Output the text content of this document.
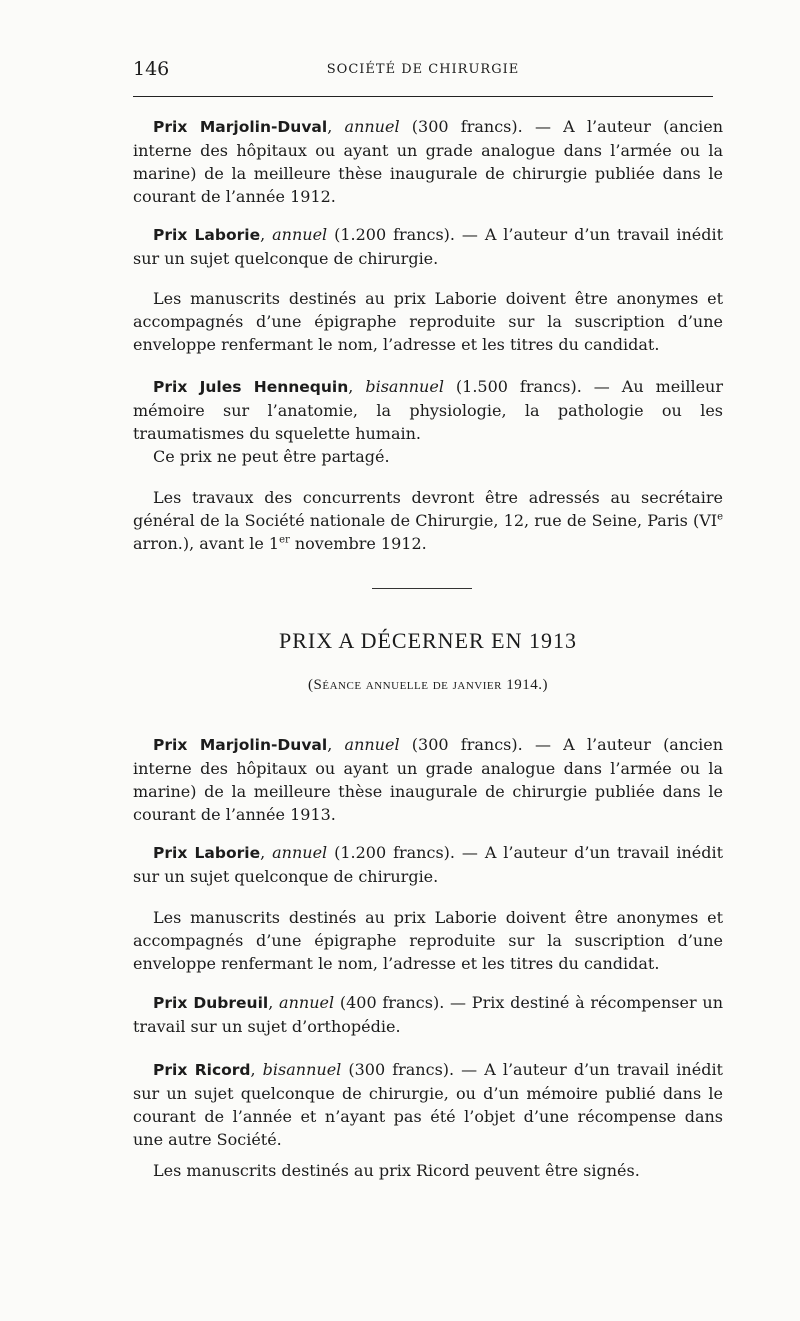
146	SOCIÉTÉ DE CHIRURGIE

Prix Marjolin-Duval, annuel (300 francs). — A l’auteur (ancien interne des hôpitaux ou ayant un grade analogue dans l’armée ou la marine) de la meilleure thèse inaugurale de chirurgie publiée dans le courant de l’année 1912.

Prix Laborie, annuel (1.200 francs). — A l’auteur d’un travail inédit sur un sujet quelconque de chirurgie.

Les manuscrits destinés au prix Laborie doivent être anonymes et accompagnés d’une épigraphe reproduite sur la suscription d’une enveloppe renfermant le nom, l’adresse et les titres du candidat.

Prix Jules Hennequin, bisannuel (1.500 francs). — Au meilleur mémoire sur l’anatomie, la physiologie, la pathologie ou les traumatismes du squelette humain.

Ce prix ne peut être partagé.

Les travaux des concurrents devront être adressés au secrétaire général de la Société nationale de Chirurgie, 12, rue de Seine, Paris (VIe arron.), avant le 1er novembre 1912.

PRIX A DÉCERNER EN 1913
(Séance annuelle de janvier 1914.)

Prix Marjolin-Duval, annuel (300 francs). — A l’auteur (ancien interne des hôpitaux ou ayant un grade analogue dans l’armée ou la marine) de la meilleure thèse inaugurale de chirurgie publiée dans le courant de l’année 1913.

Prix Laborie, annuel (1.200 francs). — A l’auteur d’un travail inédit sur un sujet quelconque de chirurgie.

Les manuscrits destinés au prix Laborie doivent être anonymes et accompagnés d’une épigraphe reproduite sur la suscription d’une enveloppe renfermant le nom, l’adresse et les titres du candidat.

Prix Dubreuil, annuel (400 francs). — Prix destiné à récompenser un travail sur un sujet d’orthopédie.

Prix Ricord, bisannuel (300 francs). — A l’auteur d’un travail inédit sur un sujet quelconque de chirurgie, ou d’un mémoire publié dans le courant de l’année et n’ayant pas été l’objet d’une récompense dans une autre Société.

Les manuscrits destinés au prix Ricord peuvent être signés.
